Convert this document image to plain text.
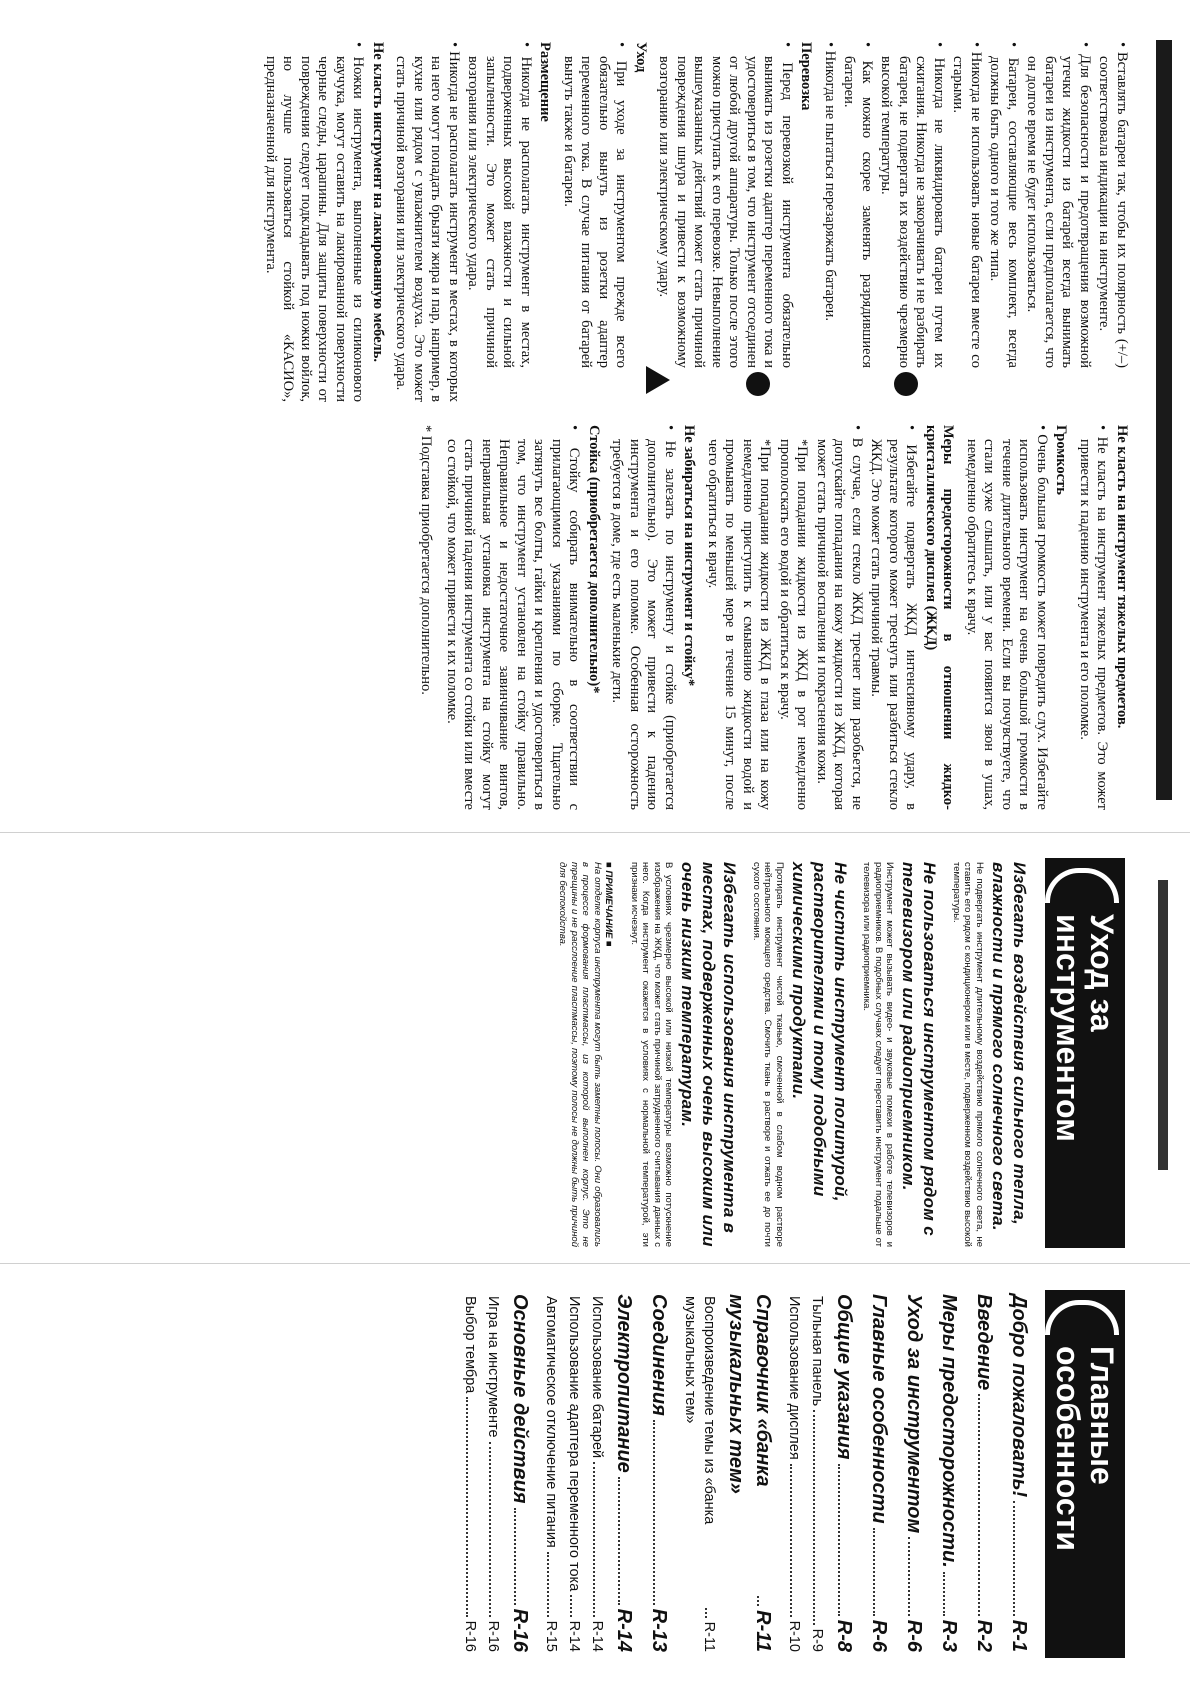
• Вставлять батареи так, чтобы их полярность (+/–) соответствовала индикации на инструменте.

• Для безопасности и предотвращения возможной утечки жидкости из батарей всегда вынимать батареи из инструмента, если предполагается, что он долгое время не будет использоваться.

• Батареи, составляющие весь комплект, всегда должны быть одного и того же типа.

• Никогда не использовать новые батареи вместе со старыми.

• Никогда не ликвидировать батареи путем их сжигания. Никогда не закорачивать и не разбирать батареи, не подвергать их воздействию чрезмерно высокой температуры.

• Как можно скорее заменять разрядившиеся батареи.

• Никогда не пытаться перезаряжать батареи.

Перевозка

• Перед перевозкой инструмента обязательно вынимать из розетки адаптер переменного тока и удостовериться в том, что инструмент отсоединен от любой другой аппаратуры. Только после этого можно приступать к его перевозке. Невыполнение вышеуказанных действий может стать причиной повреждения шнура и привести к возможному возгоранию или электрическому удару.

Уход

• При уходе за инструментом прежде всего обязательно вынуть из розетки адаптер переменного тока. В случае питания от батарей вынуть также и батареи.

Размещение

• Никогда не располагать инструмент в местах, подверженных высокой влажности и сильной запыленности. Это может стать причиной возгорания или электрического удара.

• Никогда не располагать инструмент в местах, в которых на него могут попадать брызги жира и пар, например, в кухне или рядом с увлажнителем воздуха. Это может стать причиной возгорания или электрического удара.

Не класть инструмент на лакированную мебель.

• Ножки инструмента, выполненные из силиконового каучука, могут оставить на лакированной поверхности черные следы, царапины. Для защиты поверхности от повреждения следует подкладывать под ножки войлок, но лучше пользоваться стойкой «КАСИО», предназначенной для инструмента.

Не класть на инструмент тяжелых предметов.

• Не класть на инструмент тяжелых предметов. Это может привести к падению инструмента и его поломке.

Громкость

• Очень большая громкость может повредить слух. Избегайте использовать инструмент на очень большой громкости в течение длительного времени. Если вы почувствуете, что стали хуже слышать, или у вас появится звон в ушах, немедленно обратитесь к врачу.

Меры предосторожности в отношении жидко-кристаллического дисплея (ЖКД)

• Избегайте подвергать ЖКД интенсивному удару, в результате которого может треснуть или разбиться стекло ЖКД. Это может стать причиной травмы.

• В случае, если стекло ЖКД треснет или разобьется, не допускайте попадания на кожу жидкости из ЖКД, которая может стать причиной воспаления и покраснения кожи.

*При попадании жидкости из ЖКД в рот немедленно прополоскать его водой и обратиться к врачу.

*При попадании жидкости из ЖКД в глаза или на кожу немедленно приступить к смыванию жидкости водой и промывать по меньшей мере в течение 15 минут, после чего обратиться к врачу.

Не забираться на инструмент и стойку*

• Не залезать по инструменту и стойке (приобретается дополнительно). Это может привести к падению инструмента и его поломке. Особенная осторожность требуется в доме, где есть маленькие дети.

Стойка (приобретается дополнительно)*

• Стойку собирать внимательно в соответствии с прилагающимися указаниями по сборке. Тщательно затянуть все болты, гайки и крепления и удостовериться в том, что инструмент установлен на стойку правильно. Неправильное и недостаточное завинчивание винтов, неправильная установка инструмента на стойку могут стать причиной падения инструмента со стойки или вместе со стойкой, что может привести к их поломке.

* Подставка приобретается дополнительно.

Уход за инструментом
Избегать воздействия сильного тепла, влажности и прямого солнечного света.

Не подвергать инструмент длительному воздействию прямого солнечного света, не ставить его рядом с кондиционером или в месте, подверженном воздействию высокой температуры.

Не пользоваться инструментом рядом с телевизором или радиоприемником.

Инструмент может вызывать видео- и звуковые помехи в работе телевизоров и радиоприемников. В подобных случаях следует переставить инструмент подальше от телевизора или радиоприемника.

Не чистить инструмент политурой, растворителями и тому подобными химическими продуктами.

Протирать инструмент чистой тканью, смоченной в слабом водном растворе нейтрального моющего средства. Смочить ткань в растворе и отжать ее до почти сухого состояния.

Избегать использования инструмента в местах, подверженных очень высоким или очень низким температурам.

В условиях чрезмерно высокой или низкой температуры возможно потускнение изображения на ЖКД, что может стать причиной затрудненного считывания данных с него. Когда инструмент окажется в условиях с нормальной температурой, эти признаки исчезнут.

■ ПРИМЕЧАНИЕ ■

На отделке корпуса инструмента могут быть заметны полосы. Они образовались в процессе формования пластмассы, из которой выполнен корпус. Это не трещины и не расслоение пластмассы, поэтому полосы не должны быть причиной для беспокойства.

Главные особенности
Добро пожаловать!
R-1
Введение
R-2
Меры предосторожности.
R-3
Уход за инструментом
R-6
Главные особенности
R-6
Общие указания
R-8
Тыльная панель
R-9
Использование дисплея
R-10
Справочник «банка музыкальных тем»
R-11
Воспроизведение темы из «банка музыкальных тем»
R-11
Соединения
R-13
Электропитание
R-14
Использование батарей
R-14
Использование адаптера переменного тока
R-14
Автоматическое отключение питания
R-15
Основные действия
R-16
Игра на инструменте
R-16
Выбор тембра
R-16
